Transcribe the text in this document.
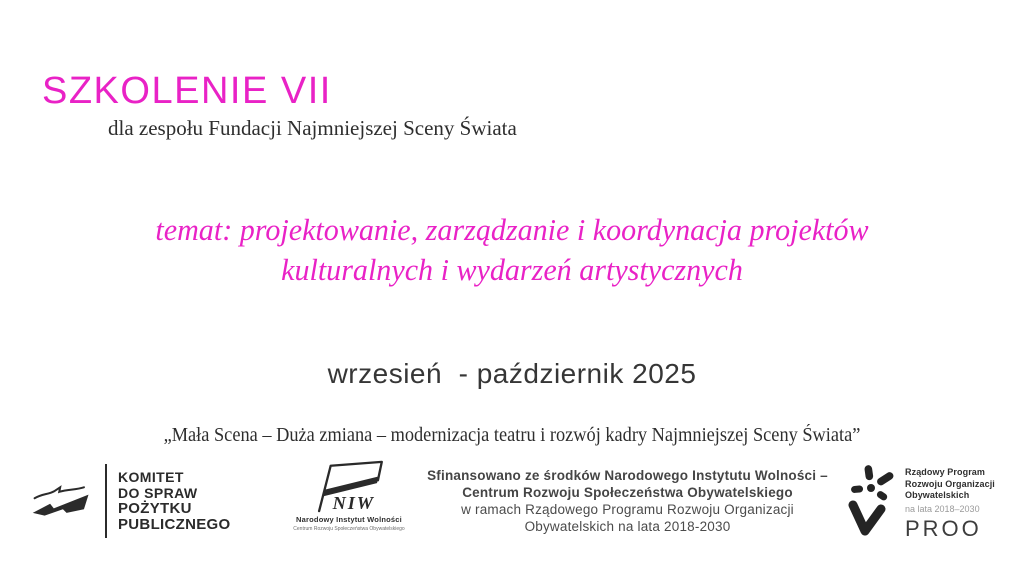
SZKOLENIE VII
dla zespołu Fundacji Najmniejszej Sceny Świata
temat: projektowanie, zarządzanie i koordynacja projektów
kulturalnych i wydarzeń artystycznych
wrzesień  - październik 2025
„Mała Scena – Duża zmiana – modernizacja teatru i rozwój kadry Najmniejszej Sceny Świata”
KOMITET
DO SPRAW
POŻYTKU
PUBLICZNEGO
NIW
Narodowy Instytut Wolności
Centrum Rozwoju Społeczeństwa Obywatelskiego
Sfinansowano ze środków Narodowego Instytutu Wolności –
Centrum Rozwoju Społeczeństwa Obywatelskiego
w ramach Rządowego Programu Rozwoju Organizacji
Obywatelskich na lata 2018-2030
Rządowy Program
Rozwoju Organizacji
Obywatelskich
na lata 2018–2030
PROO
